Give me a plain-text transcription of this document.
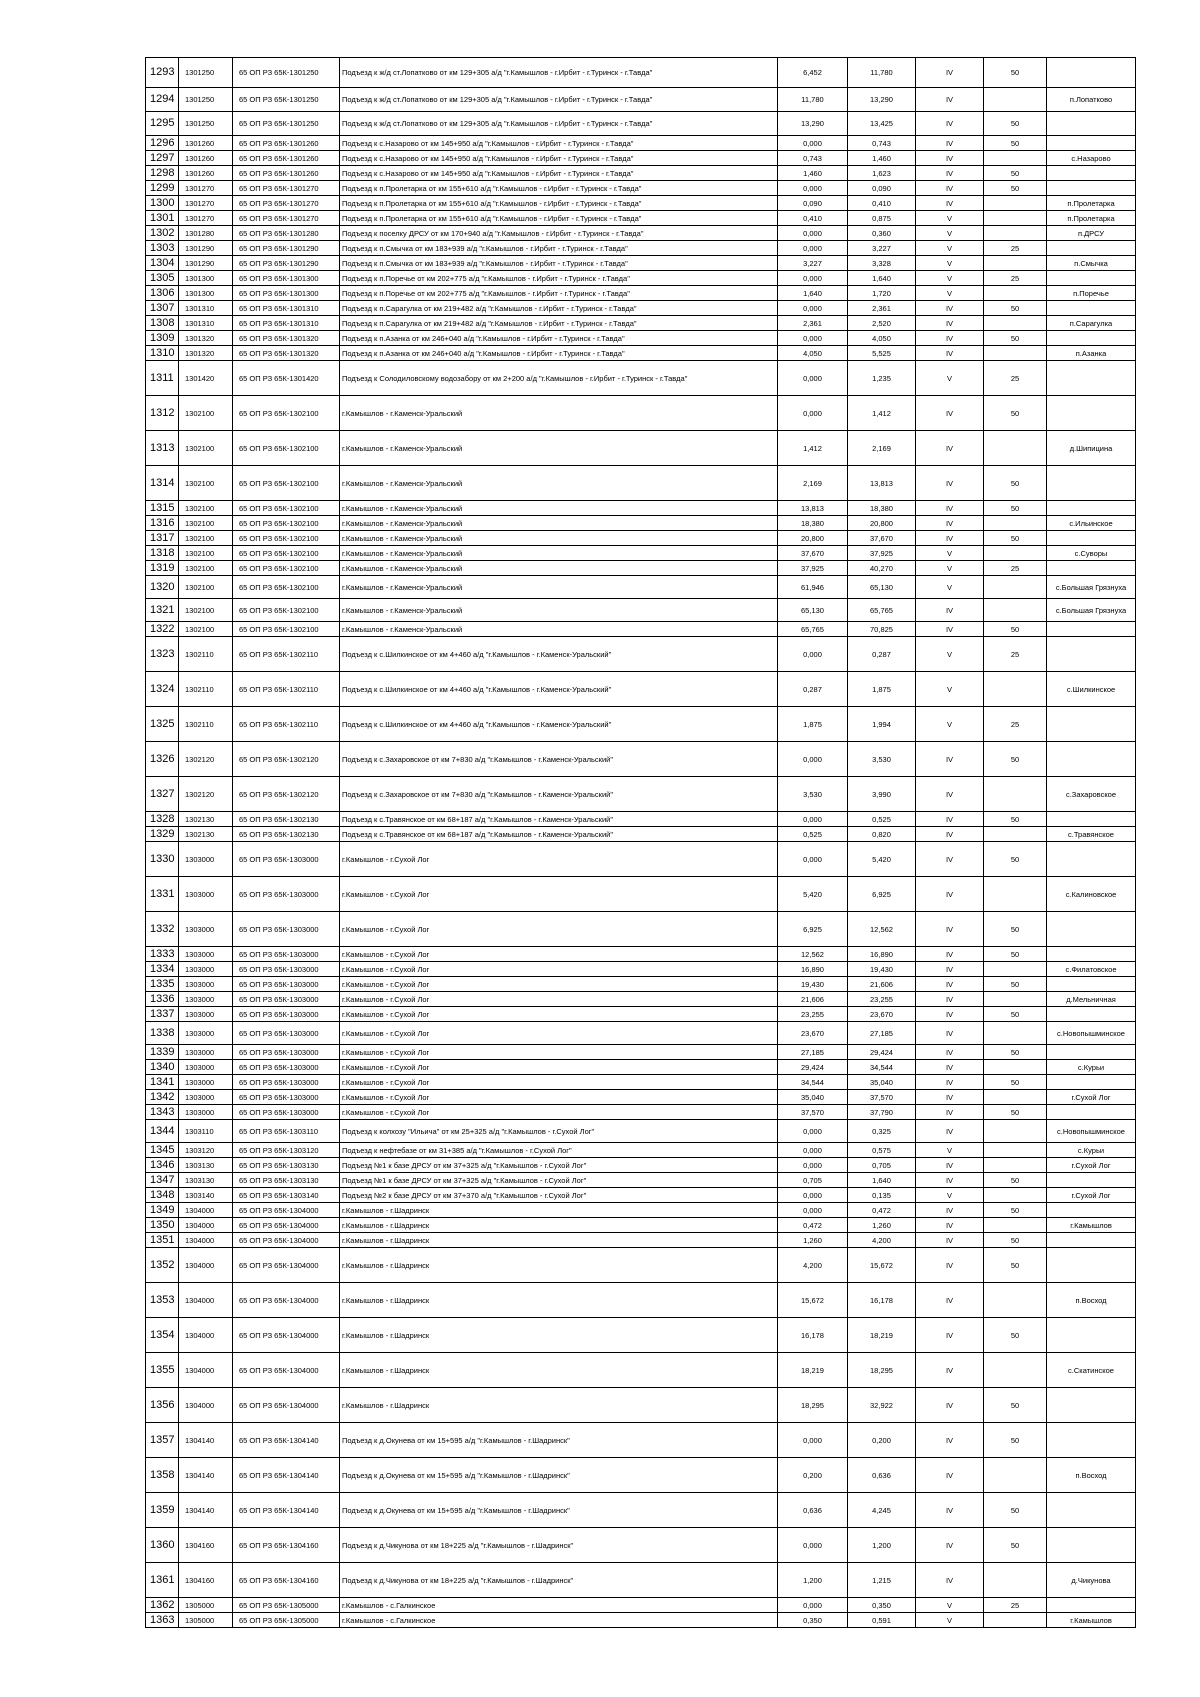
1293	1301250	65 ОП РЗ 65К-1301250	Подъезд к ж/д ст.Лопатково от км 129+305 а/д "г.Камышлов - г.Ирбит - г.Туринск - г.Тавда"	6,452	11,780	IV	50	
1294	1301250	65 ОП РЗ 65К-1301250	Подъезд к ж/д ст.Лопатково от км 129+305 а/д "г.Камышлов - г.Ирбит - г.Туринск - г.Тавда"	11,780	13,290	IV		п.Лопатково
1295	1301250	65 ОП РЗ 65К-1301250	Подъезд к ж/д ст.Лопатково от км 129+305 а/д "г.Камышлов - г.Ирбит - г.Туринск - г.Тавда"	13,290	13,425	IV	50	
1296	1301260	65 ОП РЗ 65К-1301260	Подъезд к с.Назарово от км 145+950 а/д "г.Камышлов - г.Ирбит - г.Туринск - г.Тавда"	0,000	0,743	IV	50	
1297	1301260	65 ОП РЗ 65К-1301260	Подъезд к с.Назарово от км 145+950 а/д "г.Камышлов - г.Ирбит - г.Туринск - г.Тавда"	0,743	1,460	IV		с.Назарово
1298	1301260	65 ОП РЗ 65К-1301260	Подъезд к с.Назарово от км 145+950 а/д "г.Камышлов - г.Ирбит - г.Туринск - г.Тавда"	1,460	1,623	IV	50	
1299	1301270	65 ОП РЗ 65К-1301270	Подъезд к п.Пролетарка от км 155+610 а/д "г.Камышлов - г.Ирбит - г.Туринск - г.Тавда"	0,000	0,090	IV	50	
1300	1301270	65 ОП РЗ 65К-1301270	Подъезд к п.Пролетарка от км 155+610 а/д "г.Камышлов - г.Ирбит - г.Туринск - г.Тавда"	0,090	0,410	IV		п.Пролетарка
1301	1301270	65 ОП РЗ 65К-1301270	Подъезд к п.Пролетарка от км 155+610 а/д "г.Камышлов - г.Ирбит - г.Туринск - г.Тавда"	0,410	0,875	V		п.Пролетарка
1302	1301280	65 ОП РЗ 65К-1301280	Подъезд к поселку ДРСУ от км 170+940 а/д "г.Камышлов - г.Ирбит - г.Туринск - г.Тавда"	0,000	0,360	V		п.ДРСУ
1303	1301290	65 ОП РЗ 65К-1301290	Подъезд к п.Смычка от км 183+939 а/д "г.Камышлов - г.Ирбит - г.Туринск - г.Тавда"	0,000	3,227	V	25	
1304	1301290	65 ОП РЗ 65К-1301290	Подъезд к п.Смычка от км 183+939 а/д "г.Камышлов - г.Ирбит - г.Туринск - г.Тавда"	3,227	3,328	V		п.Смычка
1305	1301300	65 ОП РЗ 65К-1301300	Подъезд к п.Поречье от км 202+775 а/д "г.Камышлов - г.Ирбит - г.Туринск - г.Тавда"	0,000	1,640	V	25	
1306	1301300	65 ОП РЗ 65К-1301300	Подъезд к п.Поречье от км 202+775 а/д "г.Камышлов - г.Ирбит - г.Туринск - г.Тавда"	1,640	1,720	V		п.Поречье
1307	1301310	65 ОП РЗ 65К-1301310	Подъезд к п.Сарагулка от км 219+482 а/д "г.Камышлов - г.Ирбит - г.Туринск - г.Тавда"	0,000	2,361	IV	50	
1308	1301310	65 ОП РЗ 65К-1301310	Подъезд к п.Сарагулка от км 219+482 а/д "г.Камышлов - г.Ирбит - г.Туринск - г.Тавда"	2,361	2,520	IV		п.Сарагулка
1309	1301320	65 ОП РЗ 65К-1301320	Подъезд к п.Азанка от км 246+040 а/д "г.Камышлов - г.Ирбит - г.Туринск - г.Тавда"	0,000	4,050	IV	50	
1310	1301320	65 ОП РЗ 65К-1301320	Подъезд к п.Азанка от км 246+040 а/д "г.Камышлов - г.Ирбит - г.Туринск - г.Тавда"	4,050	5,525	IV		п.Азанка
1311	1301420	65 ОП РЗ 65К-1301420	Подъезд к Солодиловскому водозабору от км 2+200 а/д "г.Камышлов - г.Ирбит - г.Туринск - г.Тавда"	0,000	1,235	V	25	
1312	1302100	65 ОП РЗ 65К-1302100	г.Камышлов - г.Каменск-Уральский	0,000	1,412	IV	50	
1313	1302100	65 ОП РЗ 65К-1302100	г.Камышлов - г.Каменск-Уральский	1,412	2,169	IV		д.Шипицина
1314	1302100	65 ОП РЗ 65К-1302100	г.Камышлов - г.Каменск-Уральский	2,169	13,813	IV	50	
1315	1302100	65 ОП РЗ 65К-1302100	г.Камышлов - г.Каменск-Уральский	13,813	18,380	IV	50	
1316	1302100	65 ОП РЗ 65К-1302100	г.Камышлов - г.Каменск-Уральский	18,380	20,800	IV		с.Ильинское
1317	1302100	65 ОП РЗ 65К-1302100	г.Камышлов - г.Каменск-Уральский	20,800	37,670	IV	50	
1318	1302100	65 ОП РЗ 65К-1302100	г.Камышлов - г.Каменск-Уральский	37,670	37,925	V		с.Суворы
1319	1302100	65 ОП РЗ 65К-1302100	г.Камышлов - г.Каменск-Уральский	37,925	40,270	V	25	
1320	1302100	65 ОП РЗ 65К-1302100	г.Камышлов - г.Каменск-Уральский	61,946	65,130	V		с.Большая Грязнуха
1321	1302100	65 ОП РЗ 65К-1302100	г.Камышлов - г.Каменск-Уральский	65,130	65,765	IV		с.Большая Грязнуха
1322	1302100	65 ОП РЗ 65К-1302100	г.Камышлов - г.Каменск-Уральский	65,765	70,825	IV	50	
1323	1302110	65 ОП РЗ 65К-1302110	Подъезд к с.Шилкинское от км 4+460 а/д "г.Камышлов - г.Каменск-Уральский"	0,000	0,287	V	25	
1324	1302110	65 ОП РЗ 65К-1302110	Подъезд к с.Шилкинское от км 4+460 а/д "г.Камышлов - г.Каменск-Уральский"	0,287	1,875	V		с.Шилкинское
1325	1302110	65 ОП РЗ 65К-1302110	Подъезд к с.Шилкинское от км 4+460 а/д "г.Камышлов - г.Каменск-Уральский"	1,875	1,994	V	25	
1326	1302120	65 ОП РЗ 65К-1302120	Подъезд к с.Захаровское от км 7+830 а/д "г.Камышлов - г.Каменск-Уральский"	0,000	3,530	IV	50	
1327	1302120	65 ОП РЗ 65К-1302120	Подъезд к с.Захаровское от км 7+830 а/д "г.Камышлов - г.Каменск-Уральский"	3,530	3,990	IV		с.Захаровское
1328	1302130	65 ОП РЗ 65К-1302130	Подъезд к с.Травянское от км 68+187 а/д "г.Камышлов - г.Каменск-Уральский"	0,000	0,525	IV	50	
1329	1302130	65 ОП РЗ 65К-1302130	Подъезд к с.Травянское от км 68+187 а/д "г.Камышлов - г.Каменск-Уральский"	0,525	0,820	IV		с.Травянское
1330	1303000	65 ОП РЗ 65К-1303000	г.Камышлов - г.Сухой Лог	0,000	5,420	IV	50	
1331	1303000	65 ОП РЗ 65К-1303000	г.Камышлов - г.Сухой Лог	5,420	6,925	IV		с.Калиновское
1332	1303000	65 ОП РЗ 65К-1303000	г.Камышлов - г.Сухой Лог	6,925	12,562	IV	50	
1333	1303000	65 ОП РЗ 65К-1303000	г.Камышлов - г.Сухой Лог	12,562	16,890	IV	50	
1334	1303000	65 ОП РЗ 65К-1303000	г.Камышлов - г.Сухой Лог	16,890	19,430	IV		с.Филатовское
1335	1303000	65 ОП РЗ 65К-1303000	г.Камышлов - г.Сухой Лог	19,430	21,606	IV	50	
1336	1303000	65 ОП РЗ 65К-1303000	г.Камышлов - г.Сухой Лог	21,606	23,255	IV		д.Мельничная
1337	1303000	65 ОП РЗ 65К-1303000	г.Камышлов - г.Сухой Лог	23,255	23,670	IV	50	
1338	1303000	65 ОП РЗ 65К-1303000	г.Камышлов - г.Сухой Лог	23,670	27,185	IV		с.Новопышминское
1339	1303000	65 ОП РЗ 65К-1303000	г.Камышлов - г.Сухой Лог	27,185	29,424	IV	50	
1340	1303000	65 ОП РЗ 65К-1303000	г.Камышлов - г.Сухой Лог	29,424	34,544	IV		с.Курьи
1341	1303000	65 ОП РЗ 65К-1303000	г.Камышлов - г.Сухой Лог	34,544	35,040	IV	50	
1342	1303000	65 ОП РЗ 65К-1303000	г.Камышлов - г.Сухой Лог	35,040	37,570	IV		г.Сухой Лог
1343	1303000	65 ОП РЗ 65К-1303000	г.Камышлов - г.Сухой Лог	37,570	37,790	IV	50	
1344	1303110	65 ОП РЗ 65К-1303110	Подъезд к колхозу "Ильича" от км 25+325 а/д "г.Камышлов - г.Сухой Лог"	0,000	0,325	IV		с.Новопышминское
1345	1303120	65 ОП РЗ 65К-1303120	Подъезд к нефтебазе от км 31+385 а/д "г.Камышлов - г.Сухой Лог"	0,000	0,575	V		с.Курьи
1346	1303130	65 ОП РЗ 65К-1303130	Подъезд №1 к базе ДРСУ от км 37+325 а/д "г.Камышлов - г.Сухой Лог"	0,000	0,705	IV		г.Сухой Лог
1347	1303130	65 ОП РЗ 65К-1303130	Подъезд №1 к базе ДРСУ от км 37+325 а/д "г.Камышлов - г.Сухой Лог"	0,705	1,640	IV	50	
1348	1303140	65 ОП РЗ 65К-1303140	Подъезд №2 к базе ДРСУ от км 37+370 а/д "г.Камышлов - г.Сухой Лог"	0,000	0,135	V		г.Сухой Лог
1349	1304000	65 ОП РЗ 65К-1304000	г.Камышлов - г.Шадринск	0,000	0,472	IV	50	
1350	1304000	65 ОП РЗ 65К-1304000	г.Камышлов - г.Шадринск	0,472	1,260	IV		г.Камышлов
1351	1304000	65 ОП РЗ 65К-1304000	г.Камышлов - г.Шадринск	1,260	4,200	IV	50	
1352	1304000	65 ОП РЗ 65К-1304000	г.Камышлов - г.Шадринск	4,200	15,672	IV	50	
1353	1304000	65 ОП РЗ 65К-1304000	г.Камышлов - г.Шадринск	15,672	16,178	IV		п.Восход
1354	1304000	65 ОП РЗ 65К-1304000	г.Камышлов - г.Шадринск	16,178	18,219	IV	50	
1355	1304000	65 ОП РЗ 65К-1304000	г.Камышлов - г.Шадринск	18,219	18,295	IV		с.Скатинское
1356	1304000	65 ОП РЗ 65К-1304000	г.Камышлов - г.Шадринск	18,295	32,922	IV	50	
1357	1304140	65 ОП РЗ 65К-1304140	Подъезд к д.Окунева от км 15+595 а/д "г.Камышлов - г.Шадринск"	0,000	0,200	IV	50	
1358	1304140	65 ОП РЗ 65К-1304140	Подъезд к д.Окунева от км 15+595 а/д "г.Камышлов - г.Шадринск"	0,200	0,636	IV		п.Восход
1359	1304140	65 ОП РЗ 65К-1304140	Подъезд к д.Окунева от км 15+595 а/д "г.Камышлов - г.Шадринск"	0,636	4,245	IV	50	
1360	1304160	65 ОП РЗ 65К-1304160	Подъезд к д.Чикунова от км 18+225 а/д "г.Камышлов - г.Шадринск"	0,000	1,200	IV	50	
1361	1304160	65 ОП РЗ 65К-1304160	Подъезд к д.Чикунова от км 18+225 а/д "г.Камышлов - г.Шадринск"	1,200	1,215	IV		д.Чикунова
1362	1305000	65 ОП РЗ 65К-1305000	г.Камышлов - с.Галкинское	0,000	0,350	V	25	
1363	1305000	65 ОП РЗ 65К-1305000	г.Камышлов - с.Галкинское	0,350	0,591	V		г.Камышлов
